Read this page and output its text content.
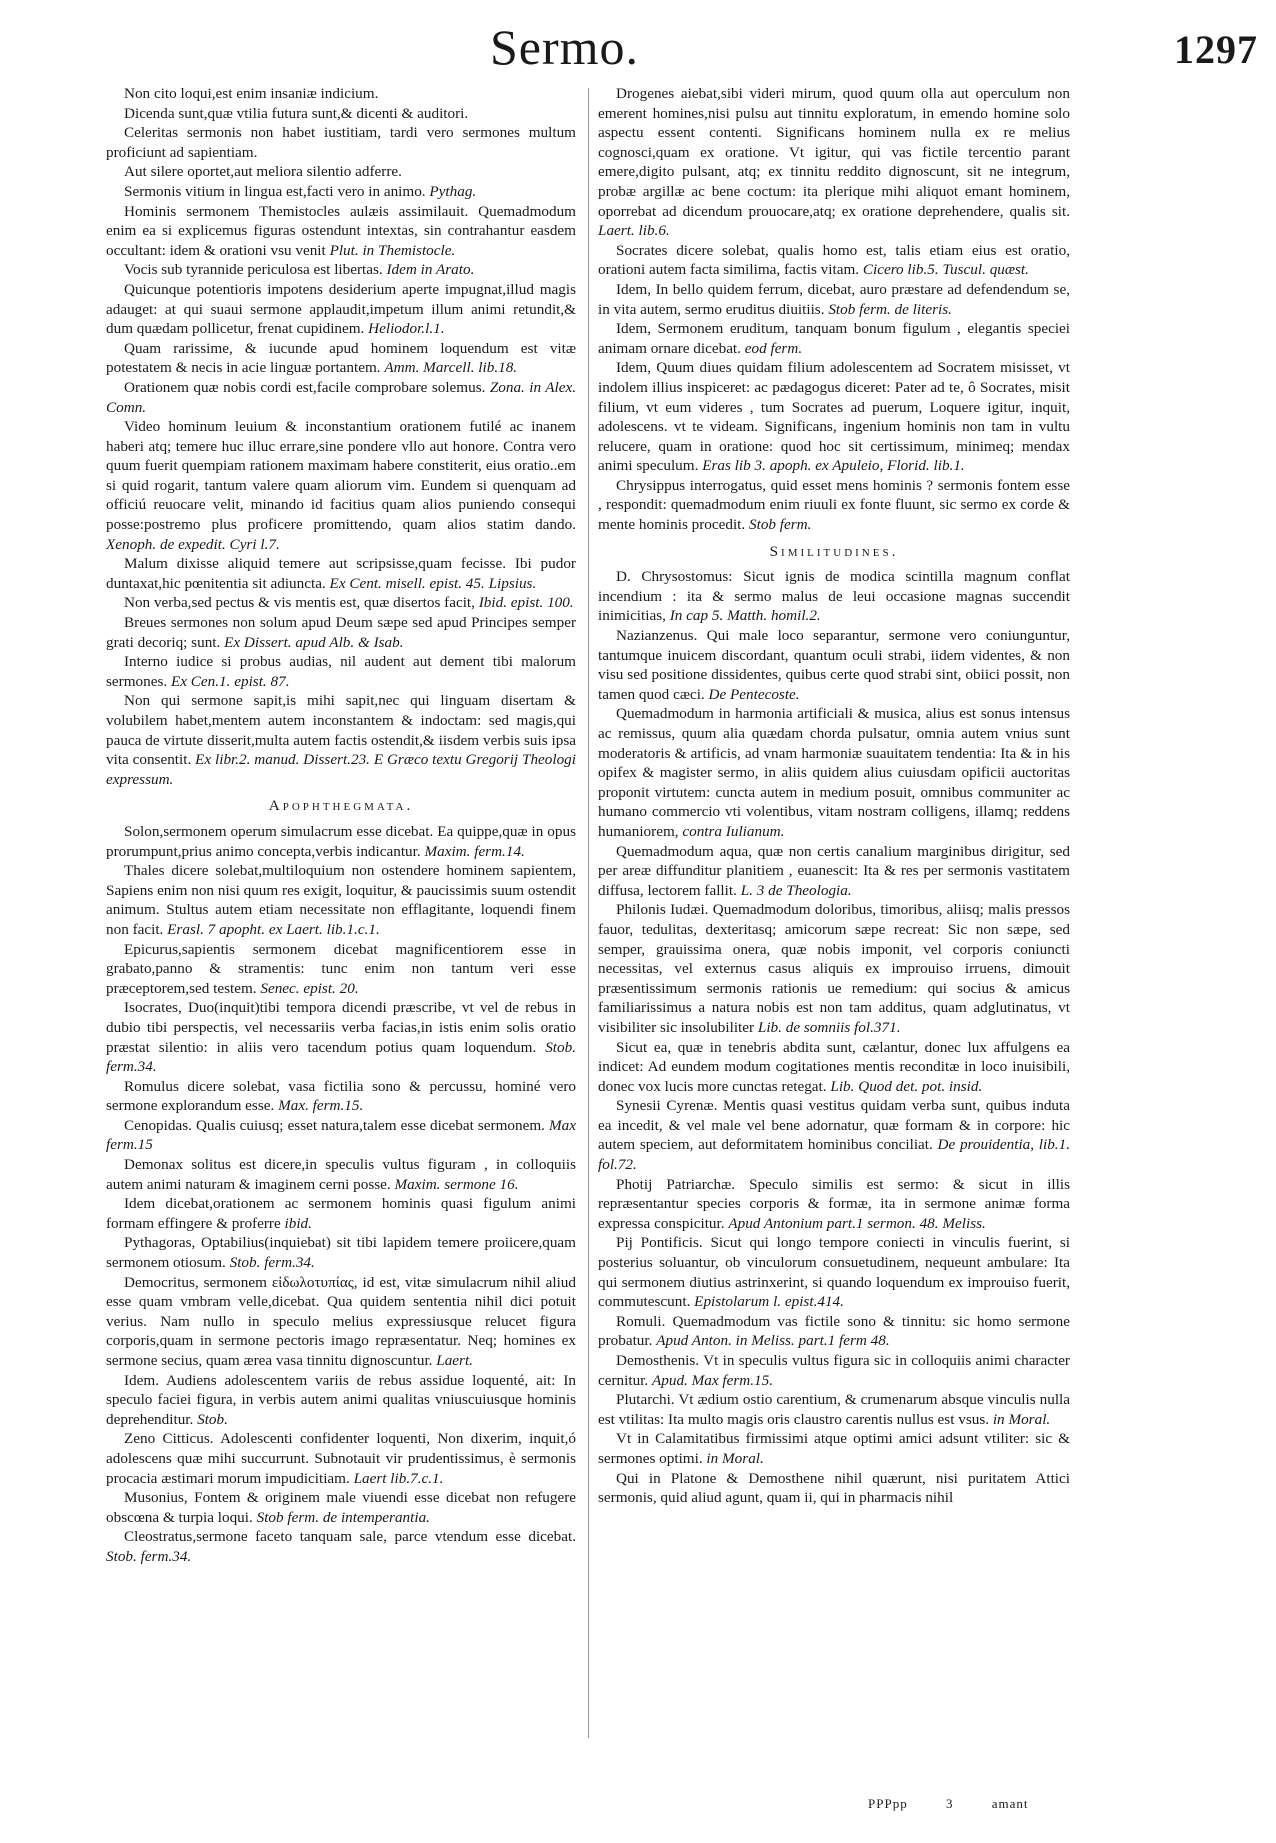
Sermo.	1297

Non cito loqui,est enim insaniæ indicium.

Dicenda sunt,quæ vtilia futura sunt,& dicenti & auditori.

Celeritas sermonis non habet iustitiam, tardi vero sermones multum proficiunt ad sapientiam.

Aut silere oportet,aut meliora silentio adferre.

Sermonis vitium in lingua est,facti vero in animo. Pythag.

Hominis sermonem Themistocles aulæis assimilauit. Quemadmodum enim ea si explicemus figuras ostendunt intextas, sin contrahantur easdem occultant: idem & orationi vsu venit Plut. in Themistocle.

Vocis sub tyrannide periculosa est libertas. Idem in Arato.

Quicunque potentioris impotens desiderium aperte impugnat,illud magis adauget: at qui suaui sermone applaudit,impetum illum animi retundit,& dum quædam pollicetur, frenat cupidinem. Heliodor.l.1.

Quam rarissime, & iucunde apud hominem loquendum est vitæ potestatem & necis in acie linguæ portantem. Amm. Marcell. lib.18.

Orationem quæ nobis cordi est,facile comprobare solemus. Zona. in Alex. Comn.

Video hominum leuium & inconstantium orationem futilé ac inanem haberi atq; temere huc illuc errare,sine pondere vllo aut honore. Contra vero quum fuerit quempiam rationem maximam habere constiterit, eius oratio..em si quid rogarit, tantum valere quam aliorum vim. Eundem si quenquam ad officiú reuocare velit, minando id facitius quam alios puniendo consequi posse:postremo plus proficere promittendo, quam alios statim dando. Xenoph. de expedit. Cyri l.7.

Malum dixisse aliquid temere aut scripsisse,quam fecisse. Ibi pudor duntaxat,hic pœnitentia sit adiuncta. Ex Cent. misell. epist. 45. Lipsius.

Non verba,sed pectus & vis mentis est, quæ disertos facit, Ibid. epist. 100.

Breues sermones non solum apud Deum sæpe sed apud Principes semper grati decoriq; sunt. Ex Dissert. apud Alb. & Isab.

Interno iudice si probus audias, nil audent aut dement tibi malorum sermones. Ex Cen.1. epist. 87.

Non qui sermone sapit,is mihi sapit,nec qui linguam disertam & volubilem habet,mentem autem inconstantem & indoctam: sed magis,qui pauca de virtute disserit,multa autem factis ostendit,& iisdem verbis suis ipsa vita consentit. Ex libr.2. manud. Dissert.23. E Græco textu Gregorij Theologi expressum.

Apophthegmata.

Solon,sermonem operum simulacrum esse dicebat. Ea quippe,quæ in opus prorumpunt,prius animo concepta,verbis indicantur. Maxim. ferm.14.

Thales dicere solebat,multiloquium non ostendere hominem sapientem, Sapiens enim non nisi quum res exigit, loquitur, & paucissimis suum ostendit animum. Stultus autem etiam necessitate non efflagitante, loquendi finem non facit. Erasl. 7 apopht. ex Laert. lib.1.c.1.

Epicurus,sapientis sermonem dicebat magnificentiorem esse in grabato,panno & stramentis: tunc enim non tantum veri esse præceptorem,sed testem. Senec. epist. 20.

Isocrates, Duo(inquit)tibi tempora dicendi præscribe, vt vel de rebus in dubio tibi perspectis, vel necessariis verba facias,in istis enim solis oratio præstat silentio: in aliis vero tacendum potius quam loquendum. Stob. ferm.34.

Romulus dicere solebat, vasa fictilia sono & percussu, hominé vero sermone explorandum esse. Max. ferm.15.

Cenopidas. Qualis cuiusq; esset natura,talem esse dicebat sermonem. Max ferm.15

Demonax solitus est dicere,in speculis vultus figuram , in colloquiis autem animi naturam & imaginem cerni posse. Maxim. sermone 16.

Idem dicebat,orationem ac sermonem hominis quasi figulum animi formam effingere & proferre ibid.

Pythagoras, Optabilius(inquiebat) sit tibi lapidem temere proiicere,quam sermonem otiosum. Stob. ferm.34.

Democritus, sermonem εἰδωλοτυπίας, id est, vitæ simulacrum nihil aliud esse quam vmbram velle,dicebat. Qua quidem sententia nihil dici potuit verius. Nam nullo in speculo melius expressiusque relucet figura corporis,quam in sermone pectoris imago repræsentatur. Neq; homines ex sermone secius, quam ærea vasa tinnitu dignoscuntur. Laert.

Idem. Audiens adolescentem variis de rebus assidue loquenté, ait: In speculo faciei figura, in verbis autem animi qualitas vniuscuiusque hominis deprehenditur. Stob.

Zeno Citticus. Adolescenti confidenter loquenti, Non dixerim, inquit,ó adolescens quæ mihi succurrunt. Subnotauit vir prudentissimus, è sermonis procacia æstimari morum impudicitiam. Laert lib.7.c.1.

Musonius, Fontem & originem male viuendi esse dicebat non refugere obscœna & turpia loqui. Stob ferm. de intemperantia.

Cleostratus,sermone faceto tanquam sale, parce vtendum esse dicebat. Stob. ferm.34.

Drogenes aiebat,sibi videri mirum, quod quum olla aut operculum non emerent homines,nisi pulsu aut tinnitu exploratum, in emendo homine solo aspectu essent contenti. Significans hominem nulla ex re melius cognosci,quam ex oratione. Vt igitur, qui vas fictile tercentio parant emere,digito pulsant, atq; ex tinnitu reddito dignoscunt, sit ne integrum, probæ argillæ ac bene coctum: ita plerique mihi aliquot emant hominem, oporrebat ad dicendum prouocare,atq; ex oratione deprehendere, qualis sit. Laert. lib.6.

Socrates dicere solebat, qualis homo est, talis etiam eius est oratio, orationi autem facta similima, factis vitam. Cicero lib.5. Tuscul. quæst.

Idem, In bello quidem ferrum, dicebat, auro præstare ad defendendum se, in vita autem, sermo eruditus diuitiis. Stob ferm. de literis.

Idem, Sermonem eruditum, tanquam bonum figulum , elegantis speciei animam ornare dicebat. eod ferm.

Idem, Quum diues quidam filium adolescentem ad Socratem misisset, vt indolem illius inspiceret: ac pædagogus diceret: Pater ad te, ô Socrates, misit filium, vt eum videres , tum Socrates ad puerum, Loquere igitur, inquit, adolescens. vt te videam. Significans, ingenium hominis non tam in vultu relucere, quam in oratione: quod hoc sit certissimum, minimeq; mendax animi speculum. Eras lib 3. apoph. ex Apuleio, Florid. lib.1.

Chrysippus interrogatus, quid esset mens hominis ? sermonis fontem esse , respondit: quemadmodum enim riuuli ex fonte fluunt, sic sermo ex corde & mente hominis procedit. Stob ferm.

Similitudines.

D. Chrysostomus: Sicut ignis de modica scintilla magnum conflat incendium : ita & sermo malus de leui occasione magnas succendit inimicitias, In cap 5. Matth. homil.2.

Nazianzenus. Qui male loco separantur, sermone vero coniunguntur, tantumque inuicem discordant, quantum oculi strabi, iidem videntes, & non visu sed positione dissidentes, quibus certe quod strabi sint, obiici possit, non tamen quod cæci. De Pentecoste.

Quemadmodum in harmonia artificiali & musica, alius est sonus intensus ac remissus, quum alia quædam chorda pulsatur, omnia autem vnius sunt moderatoris & artificis, ad vnam harmoniæ suauitatem tendentia: Ita & in his opifex & magister sermo, in aliis quidem alius cuiusdam opificii auctoritas proponit virtutem: cuncta autem in medium posuit, omnibus communiter ac humano commercio vti volentibus, vitam nostram colligens, illamq; reddens humaniorem, contra Iulianum.

Quemadmodum aqua, quæ non certis canalium marginibus dirigitur, sed per areæ diffunditur planitiem , euanescit: Ita & res per sermonis vastitatem diffusa, lectorem fallit. L. 3 de Theologia.

Philonis Iudæi. Quemadmodum doloribus, timoribus, aliisq; malis pressos fauor, tedulitas, dexteritasq; amicorum sæpe recreat: Sic non sæpe, sed semper, grauissima onera, quæ nobis imponit, vel corporis coniuncti necessitas, vel externus casus aliquis ex improuiso irruens, dimouit præsentissimum sermonis rationis ue remedium: qui socius & amicus familiarissimus a natura nobis est non tam additus, quam adglutinatus, vt visibiliter sic insolubiliter Lib. de somniis fol.371.

Sicut ea, quæ in tenebris abdita sunt, cælantur, donec lux affulgens ea indicet: Ad eundem modum cogitationes mentis reconditæ in loco inuisibili, donec vox lucis more cunctas retegat. Lib. Quod det. pot. insid.

Synesii Cyrenæ. Mentis quasi vestitus quidam verba sunt, quibus induta ea incedit, & vel male vel bene adornatur, quæ formam & in corpore: hic autem speciem, aut deformitatem hominibus conciliat. De prouidentia, lib.1. fol.72.

Photij Patriarchæ. Speculo similis est sermo: & sicut in illis repræsentantur species corporis & formæ, ita in sermone animæ forma expressa conspicitur. Apud Antonium part.1 sermon. 48. Meliss.

Pij Pontificis. Sicut qui longo tempore coniecti in vinculis fuerint, si posterius soluantur, ob vinculorum consuetudinem, nequeunt ambulare: Ita qui sermonem diutius astrinxerint, si quando loquendum ex improuiso fuerit, commutescunt. Epistolarum l. epist.414.

Romuli. Quemadmodum vas fictile sono & tinnitu: sic homo sermone probatur. Apud Anton. in Meliss. part.1 ferm 48.

Demosthenis. Vt in speculis vultus figura sic in colloquiis animi character cernitur. Apud. Max ferm.15.

Plutarchi. Vt ædium ostio carentium, & crumenarum absque vinculis nulla est vtilitas: Ita multo magis oris claustro carentis nullus est vsus. in Moral.

Vt in Calamitatibus firmissimi atque optimi amici adsunt vtiliter: sic & sermones optimi. in Moral.

Qui in Platone & Demosthene nihil quærunt, nisi puritatem Attici sermonis, quid aliud agunt, quam ii, qui in pharmacis nihil

PPPpp	3	amant
